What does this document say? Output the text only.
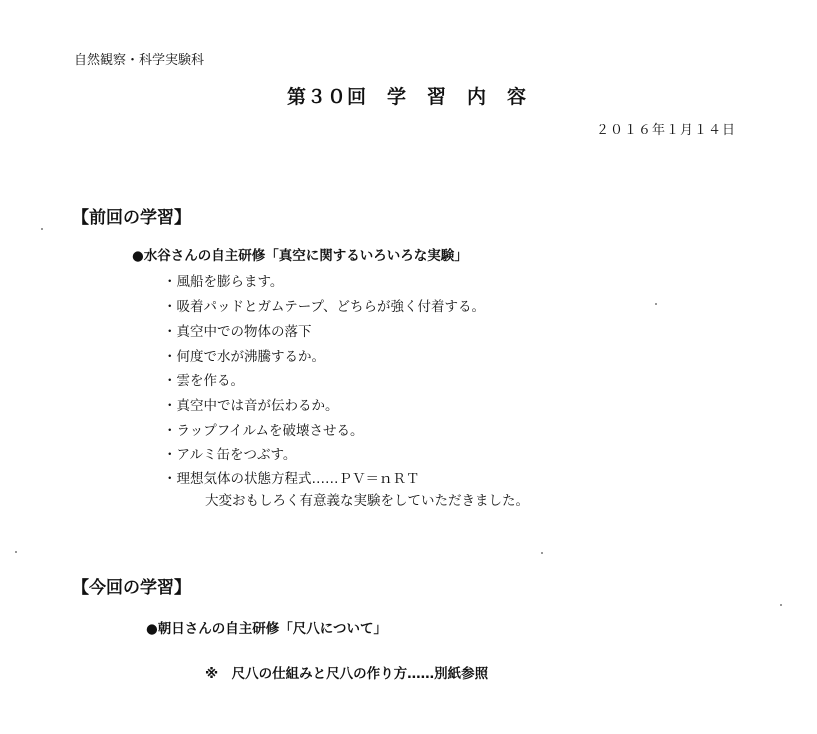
自然観察・科学実験科
第３０回　学　習　内　容
２０１６年１月１４日
【前回の学習】
●水谷さんの自主研修「真空に関するいろいろな実験」
・風船を膨らます。
・吸着パッドとガムテープ、どちらが強く付着する。
・真空中での物体の落下
・何度で水が沸騰するか。
・雲を作る。
・真空中では音が伝わるか。
・ラップフイルムを破壊させる。
・アルミ缶をつぶす。
・理想気体の状態方程式……ＰＶ＝ｎＲＴ
大変おもしろく有意義な実験をしていただきました。
【今回の学習】
●朝日さんの自主研修「尺八について」
※　尺八の仕組みと尺八の作り方……別紙参照
